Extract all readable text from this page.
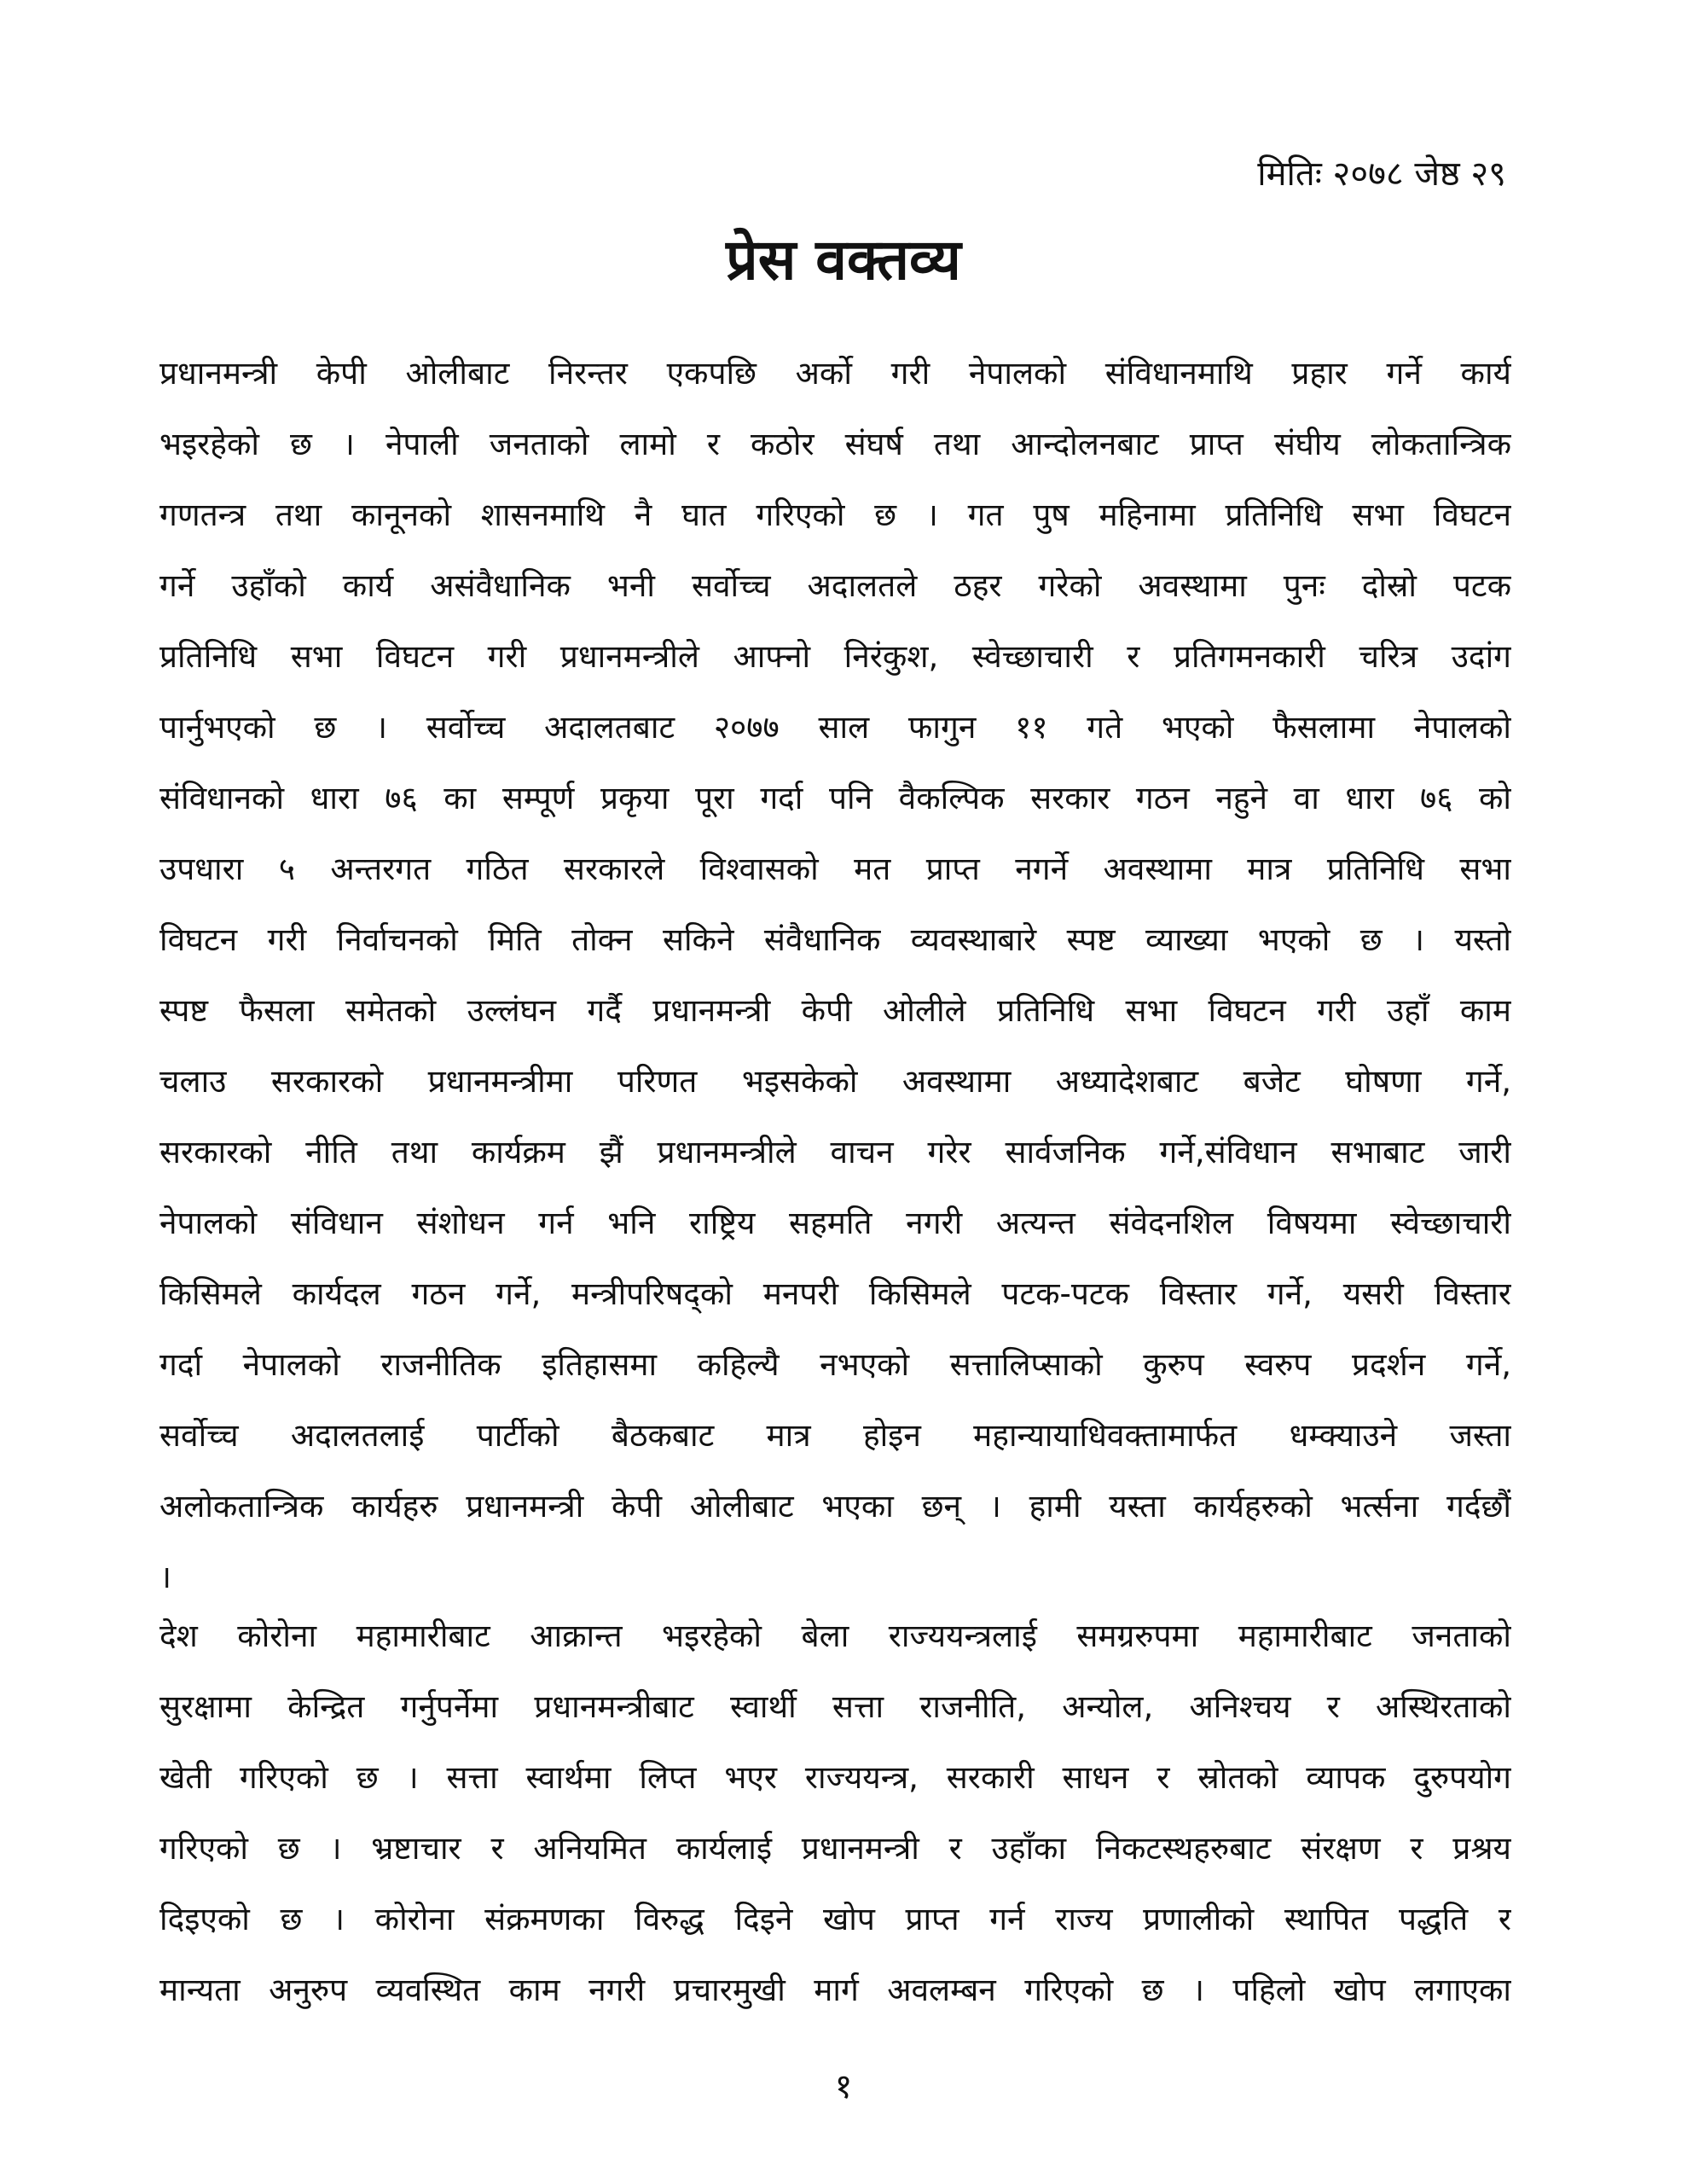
मितिः २०७८ जेष्ठ २९
प्रेस वक्तव्य
प्रधानमन्त्री केपी ओलीबाट निरन्तर एकपछि अर्को गरी नेपालको संविधानमाथि प्रहार गर्ने कार्य
भइरहेको छ । नेपाली जनताको लामो र कठोर संघर्ष तथा आन्दोलनबाट प्राप्त संघीय लोकतान्त्रिक
गणतन्त्र तथा कानूनको शासनमाथि नै घात गरिएको छ । गत पुष महिनामा प्रतिनिधि सभा विघटन
गर्ने उहाँको कार्य असंवैधानिक भनी सर्वोच्च अदालतले ठहर गरेको अवस्थामा पुनः दोस्रो पटक
प्रतिनिधि सभा विघटन गरी प्रधानमन्त्रीले आफ्नो निरंकुश, स्वेच्छाचारी र प्रतिगमनकारी चरित्र उदांग
पार्नुभएको छ । सर्वोच्च अदालतबाट २०७७ साल फागुन ११ गते भएको फैसलामा नेपालको
संविधानको धारा ७६ का सम्पूर्ण प्रकृया पूरा गर्दा पनि वैकल्पिक सरकार गठन नहुने वा धारा ७६ को
उपधारा ५ अन्तरगत गठित सरकारले विश्वासको मत प्राप्त नगर्ने अवस्थामा मात्र प्रतिनिधि सभा
विघटन गरी निर्वाचनको मिति तोक्न सकिने संवैधानिक व्यवस्थाबारे स्पष्ट व्याख्या भएको छ । यस्तो
स्पष्ट फैसला समेतको उल्लंघन गर्दै प्रधानमन्त्री केपी ओलीले प्रतिनिधि सभा विघटन गरी उहाँ काम
चलाउ सरकारको प्रधानमन्त्रीमा परिणत भइसकेको अवस्थामा अध्यादेशबाट बजेट घोषणा गर्ने,
सरकारको नीति तथा कार्यक्रम झैं प्रधानमन्त्रीले वाचन गरेर सार्वजनिक गर्ने,संविधान सभाबाट जारी
नेपालको संविधान संशोधन गर्न भनि राष्ट्रिय सहमति नगरी अत्यन्त संवेदनशिल विषयमा स्वेच्छाचारी
किसिमले कार्यदल गठन गर्ने, मन्त्रीपरिषद्को मनपरी किसिमले पटक-पटक विस्तार गर्ने, यसरी विस्तार
गर्दा नेपालको राजनीतिक इतिहासमा कहिल्यै नभएको सत्तालिप्साको कुरुप स्वरुप प्रदर्शन गर्ने,
सर्वोच्च अदालतलाई पार्टीको बैठकबाट मात्र होइन महान्यायाधिवक्तामार्फत धम्क्याउने जस्ता
अलोकतान्त्रिक कार्यहरु प्रधानमन्त्री केपी ओलीबाट भएका छन् । हामी यस्ता कार्यहरुको भर्त्सना गर्दछौं
।
देश कोरोना महामारीबाट आक्रान्त भइरहेको बेला राज्ययन्त्रलाई समग्ररुपमा महामारीबाट जनताको
सुरक्षामा केन्द्रित गर्नुपर्नेमा प्रधानमन्त्रीबाट स्वार्थी सत्ता राजनीति, अन्योल, अनिश्चय र अस्थिरताको
खेती गरिएको छ । सत्ता स्वार्थमा लिप्त भएर राज्ययन्त्र, सरकारी साधन र स्रोतको व्यापक दुरुपयोग
गरिएको छ । भ्रष्टाचार र अनियमित कार्यलाई प्रधानमन्त्री र उहाँका निकटस्थहरुबाट संरक्षण र प्रश्रय
दिइएको छ । कोरोना संक्रमणका विरुद्ध दिइने खोप प्राप्त गर्न राज्य प्रणालीको स्थापित पद्धति र
मान्यता अनुरुप व्यवस्थित काम नगरी प्रचारमुखी मार्ग अवलम्बन गरिएको छ । पहिलो खोप लगाएका
१
